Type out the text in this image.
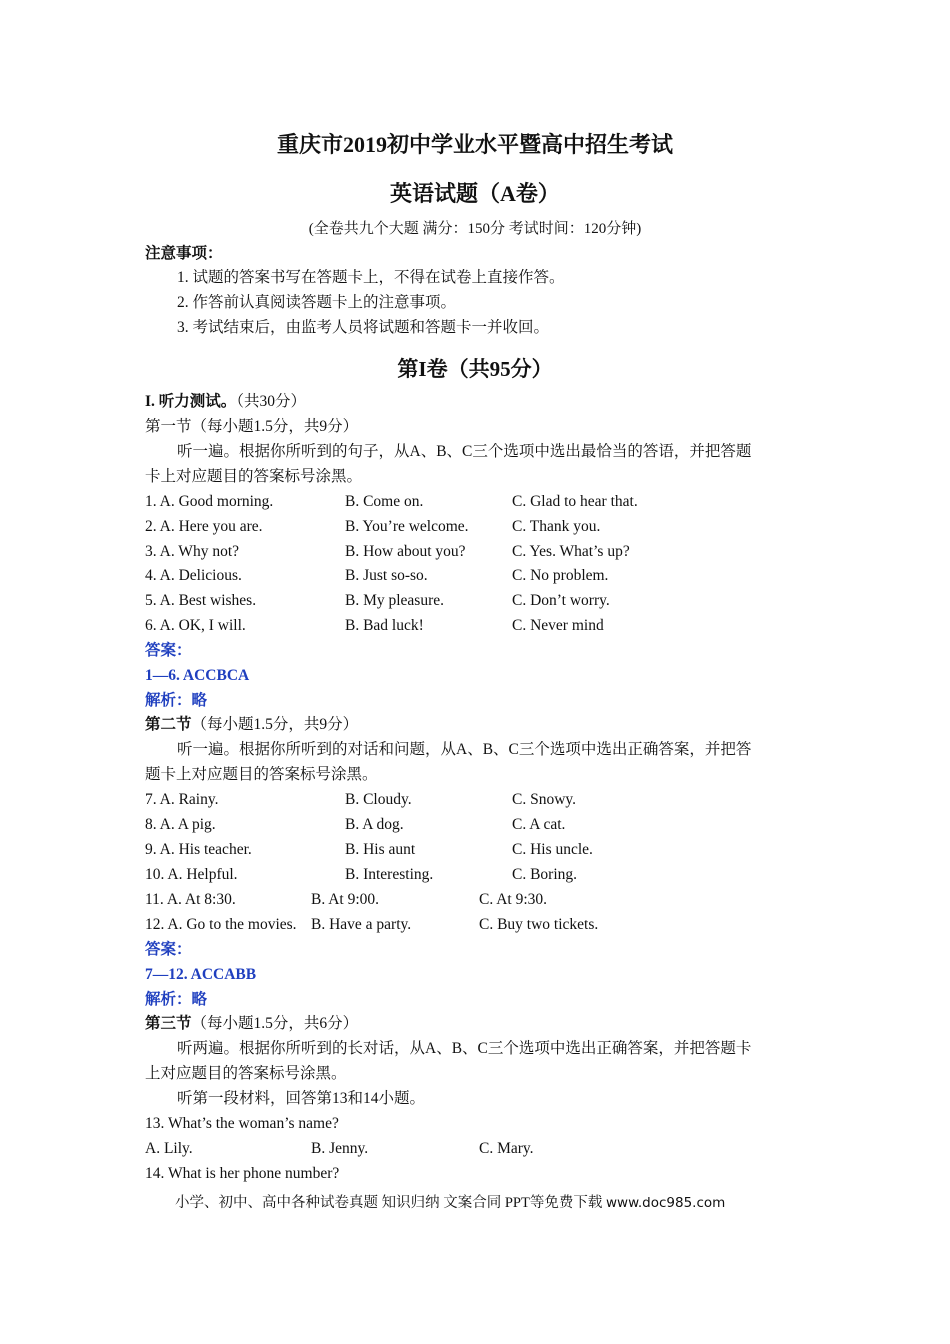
重庆市2019初中学业水平暨高中招生考试
英语试题（A卷）
(全卷共九个大题 满分：150分 考试时间：120分钟)
注意事项：
1. 试题的答案书写在答题卡上，不得在试卷上直接作答。
2. 作答前认真阅读答题卡上的注意事项。
3. 考试结束后，由监考人员将试题和答题卡一并收回。
第I卷（共95分）
I. 听力测试。（共30分）
第一节（每小题1.5分，共9分）
听一遍。根据你所听到的句子，从A、B、C三个选项中选出最恰当的答语，并把答题
卡上对应题目的答案标号涂黑。
1. A. Good morning.	B. Come on.	C. Glad to hear that.
2. A. Here you are.	B. You’re welcome.	C. Thank you.
3. A. Why not?	B. How about you?	C. Yes. What’s up?
4. A. Delicious.	B. Just so-so.	C. No problem.
5. A. Best wishes.	B. My pleasure.	C. Don’t worry.
6. A. OK, I will.	B. Bad luck!	C. Never mind
答案：
1—6. ACCBCA
解析：略
第二节（每小题1.5分，共9分）
听一遍。根据你所听到的对话和问题，从A、B、C三个选项中选出正确答案，并把答
题卡上对应题目的答案标号涂黑。
7. A. Rainy.	B. Cloudy.	C. Snowy.
8. A. A pig.	B. A dog.	C. A cat.
9. A. His teacher.	B. His aunt	C. His uncle.
10. A. Helpful.	B. Interesting.	C. Boring.
11. A. At 8:30.	B. At 9:00.	C. At 9:30.
12. A. Go to the movies. B. Have a party.	C. Buy two tickets.
答案：
7—12. ACCABB
解析：略
第三节（每小题1.5分，共6分）
听两遍。根据你所听到的长对话，从A、B、C三个选项中选出正确答案，并把答题卡
上对应题目的答案标号涂黑。
听第一段材料，回答第13和14小题。
13. What’s the woman’s name?
A. Lily.	B. Jenny.	C. Mary.
14. What is her phone number?
小学、初中、高中各种试卷真题 知识归纳 文案合同 PPT等免费下载 www.doc985.com
